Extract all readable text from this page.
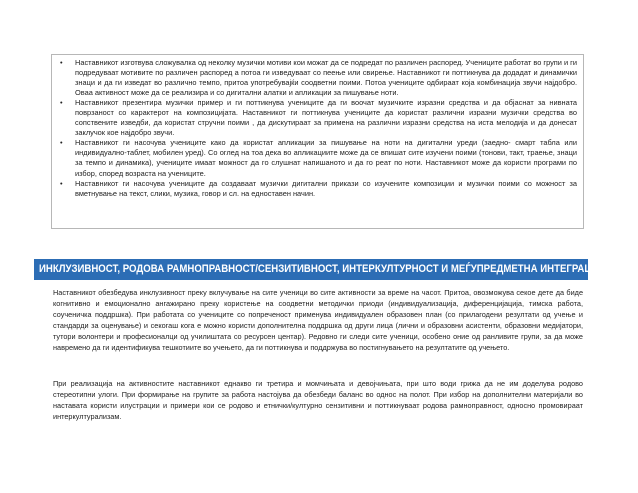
• Наставникот изготвува сложувалка од неколку музички мотиви кои можат да се подредат по различен распоред. Учениците работат во групи и ги подредуваат мотивите по различен распоред а потоа ги изведуваат со пеење или свирење. Наставникот ги поттикнува да додадат и динамички знаци и да ги изведат во различно темпо, притоа употребувајќи соодветни поими. Потоа учениците одбираат која комбинација звучи најдобро. Оваа активност може да се реализира и со дигитални алатки и апликации за пишување ноти.
• Наставникот презентира музички пример и ги поттикнува учениците да ги воочат музичките изразни средства и да објаснат за нивната поврзаност со карактерот на композицијата. Наставникот ги поттикнува учениците да користат различни изразни музички средства во сопствените изведби, да користат стручни поими , да дискутираат за примена на различни изразни средства на иста мелодија и да донесат заклучок кое најдобро звучи.
• Наставникот ги насочува учениците како да користат апликации за пишување на ноти на дигитални уреди (заедно- смарт табла или индивидуално-таблет, мобилен уред). Со оглед на тоа дека во апликациите може да се впишат сите изучени поими (тонови, такт, траење, знаци за темпо и динамика), учениците имаат можност да го слушнат напишаното и да го реат по ноти. Наставникот може да користи програми по избор, според возраста на учениците.
• Наставникот ги насочува учениците да создаваат музички дигитални прикази со изучените композиции и музички поими со можност за вметнување на текст, слики, музика, говор и сл. на едноставен начин.
ИНКЛУЗИВНОСТ, РОДОВА РАМНОПРАВНОСТ/СЕНЗИТИВНОСТ, ИНТЕРКУЛТУРНОСТ И МЕЃУПРЕДМЕТНА ИНТЕГРАЦИЈА

Наставникот обезбедува инклузивност преку вклучување на сите ученици во сите активности за време на часот. Притоа, овозможува секое дете да биде когнитивно и емоционално ангажирано преку користење на соодветни методички приоди (индивидуализација, диференцијација, тимска работа, соученичка поддршка). При работата со учениците со попреченост применува индивидуален образовен план (со прилагодени резултати од учење и стандарди за оценување) и секогаш кога е можно користи дополнителна поддршка од други лица (лични и образовни асистенти, образовни медијатори, тутори волонтери и професионалци од училиштата со ресурсен центар). Редовно ги следи сите ученици, особено оние од ранливите групи, за да може навремено да ги идентификува тешкотиите во учењето, да ги поттикнува и поддржува во постигнувањето на резултатите од учењето.

При реализација на активностите наставникот еднакво ги третира и момчињата и девојчињата, при што води грижа да не им доделува родово стереотипни улоги. При формирање на групите за работа настојува да обезбеди баланс во однос на полот. При избор на дополнителни материјали во наставата користи илустрации и примери кои се родово и етнички/културно сензитивни и поттикнуваат родова рамноправност, односно промовираат интеркултурализам.
